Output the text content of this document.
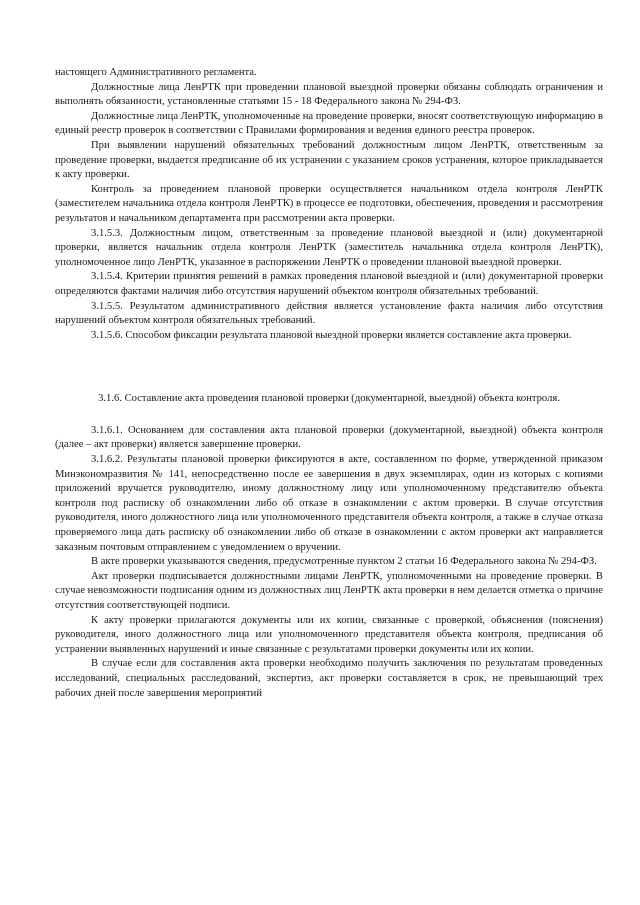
настоящего Административного регламента.

Должностные лица ЛенРТК при проведении плановой выездной проверки обязаны соблюдать ограничения и выполнять обязанности, установленные статьями 15 - 18 Федерального закона № 294-ФЗ.

Должностные лица ЛенРТК, уполномоченные на проведение проверки, вносят соответствующую информацию в единый реестр проверок в соответствии с Правилами формирования и ведения единого реестра проверок.

При выявлении нарушений обязательных требований должностным лицом ЛенРТК, ответственным за проведение проверки, выдается предписание об их устранении с указанием сроков устранения, которое прикладывается к акту проверки.

Контроль за проведением плановой проверки осуществляется начальником отдела контроля ЛенРТК (заместителем начальника отдела контроля ЛенРТК) в процессе ее подготовки, обеспечения, проведения и рассмотрения результатов и начальником департамента при рассмотрении акта проверки.

3.1.5.3. Должностным лицом, ответственным за проведение плановой выездной и (или) документарной проверки, является начальник отдела контроля ЛенРТК (заместитель начальника отдела контроля ЛенРТК), уполномоченное лицо ЛенРТК, указанное в распоряжении ЛенРТК о проведении плановой выездной проверки.

3.1.5.4. Критерии принятия решений в рамках проведения плановой выездной и (или) документарной проверки определяются фактами наличия либо отсутствия нарушений объектом контроля обязательных требований.

3.1.5.5. Результатом административного действия является установление факта наличия либо отсутствия нарушений объектом контроля обязательных требований.

3.1.5.6. Способом фиксации результата плановой выездной проверки является составление акта проверки.

3.1.6. Составление акта проведения плановой проверки (документарной, выездной) объекта контроля.

3.1.6.1. Основанием для составления акта плановой проверки (документарной, выездной) объекта контроля (далее – акт проверки) является завершение проверки.

3.1.6.2. Результаты плановой проверки фиксируются в акте, составленном по форме, утвержденной приказом Минэкономразвития № 141, непосредственно после ее завершения в двух экземплярах, один из которых с копиями приложений вручается руководителю, иному должностному лицу или уполномоченному представителю объекта контроля под расписку об ознакомлении либо об отказе в ознакомлении с актом проверки. В случае отсутствия руководителя, иного должностного лица или уполномоченного представителя объекта контроля, а также в случае отказа проверяемого лица дать расписку об ознакомлении либо об отказе в ознакомлении с актом проверки акт направляется заказным почтовым отправлением с уведомлением о вручении.

В акте проверки указываются сведения, предусмотренные пунктом 2 статьи 16 Федерального закона № 294-ФЗ.

Акт проверки подписывается должностными лицами ЛенРТК, уполномоченными на проведение проверки. В случае невозможности подписания одним из должностных лиц ЛенРТК акта проверки в нем делается отметка о причине отсутствия соответствующей подписи.

К акту проверки прилагаются документы или их копии, связанные с проверкой, объяснения (пояснения) руководителя, иного должностного лица или уполномоченного представителя объекта контроля, предписания об устранении выявленных нарушений и иные связанные с результатами проверки документы или их копии.

В случае если для составления акта проверки необходимо получить заключения по результатам проведенных исследований, специальных расследований, экспертиз, акт проверки составляется в срок, не превышающий трех рабочих дней после завершения мероприятий
